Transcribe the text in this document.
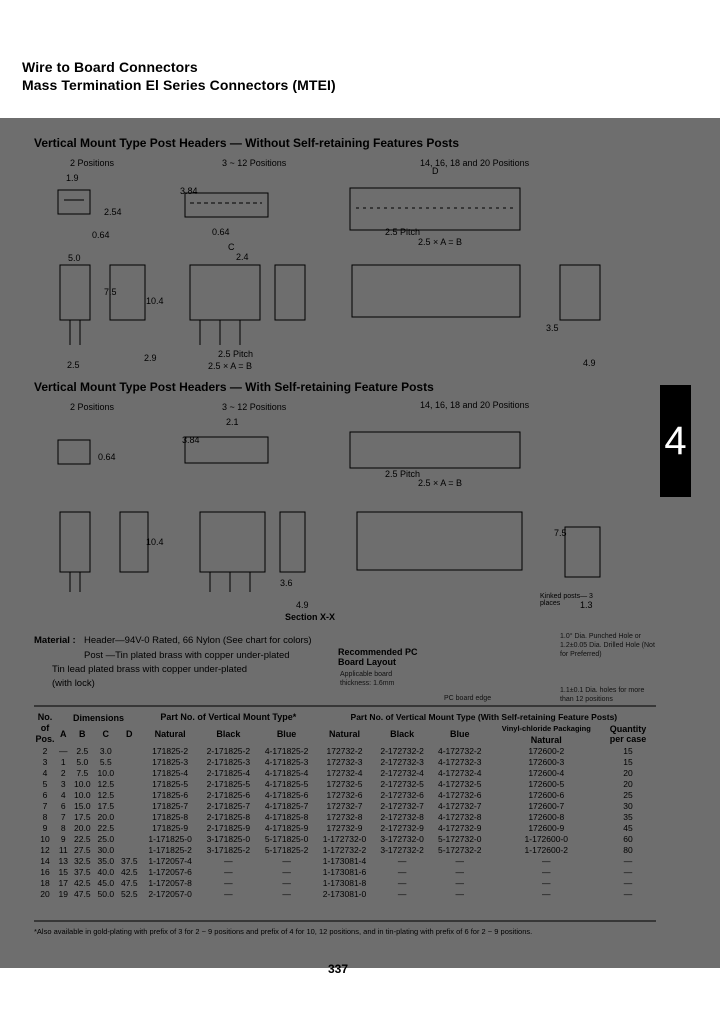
Wire to Board Connectors
Mass Termination El Series Connectors (MTEI)
Vertical Mount Type Post Headers — Without Self-retaining Features Posts
2 Positions	3 ~ 12 Positions	14, 16, 18 and 20 Positions
1.9
3.84
0.64
2.54
0.64
2.4
2.5 Pitch
2.5 × A = B
5.0
7.5
10.4
2.5
2.9
3.5
4.9
2.5 Pitch
2.5 × A = B
C
D
Vertical Mount Type Post Headers — With Self-retaining Feature Posts
2 Positions	3 ~ 12 Positions	14, 16, 18 and 20 Positions
2.1
3.84
0.64
2.5 Pitch
2.5 × A = B
7.5
10.4
3.6
4.9	1.3
Section X-X
Kinked posts— 3 places
4
Material : Header—94V-0 Rated, 66 Nylon (See chart for colors)
Post —Tin plated brass with copper under-plated
Tin lead plated brass with copper under-plated
(with lock)
Recommended PC Board Layout
Applicable board thickness: 1.6mm
PC board edge
1.0° Dia. Punched Hole or 1.2±0.05 Dia. Drilled Hole (Not for Preferred)
1.1±0.1 Dia. holes for more than 12 positions
No. of Pos.	Dimensions				Part No. of Vertical Mount Type*			Part No. of Vertical Mount Type (With Self-retaining Feature Posts)				
	A	B	C	D	Natural	Black	Blue	Natural	Black	Blue	Vinyl-chloride Packaging	Quantity per case
											Natural	
2	—	2.5	3.0		171825-2	2-171825-2	4-171825-2	172732-2	2-172732-2	4-172732-2	172600-2	15
3	1	5.0	5.5		171825-3	2-171825-3	4-171825-3	172732-3	2-172732-3	4-172732-3	172600-3	15
4	2	7.5	10.0		171825-4	2-171825-4	4-171825-4	172732-4	2-172732-4	4-172732-4	172600-4	20
5	3	10.0	12.5		171825-5	2-171825-5	4-171825-5	172732-5	2-172732-5	4-172732-5	172600-5	20
6	4	10.0	12.5		171825-6	2-171825-6	4-171825-6	172732-6	2-172732-6	4-172732-6	172600-6	25
7	6	15.0	17.5		171825-7	2-171825-7	4-171825-7	172732-7	2-172732-7	4-172732-7	172600-7	30
8	7	17.5	20.0		171825-8	2-171825-8	4-171825-8	172732-8	2-172732-8	4-172732-8	172600-8	35
9	8	20.0	22.5		171825-9	2-171825-9	4-171825-9	172732-9	2-172732-9	4-172732-9	172600-9	45
10	9	22.5	25.0		1-171825-0	3-171825-0	5-171825-0	1-172732-0	3-172732-0	5-172732-0	1-172600-0	60
12	11	27.5	30.0		1-171825-2	3-171825-2	5-171825-2	1-172732-2	3-172732-2	5-172732-2	1-172600-2	80
14	13	32.5	35.0	37.5	1-172057-4	—	—	1-173081-4	—	—	—	—
16	15	37.5	40.0	42.5	1-172057-6	—	—	1-173081-6	—	—	—	—
18	17	42.5	45.0	47.5	1-172057-8	—	—	1-173081-8	—	—	—	—
20	19	47.5	50.0	52.5	2-172057-0	—	—	2-173081-0	—	—	—	—
*Also available in gold-plating with prefix of 3 for 2 ~ 9 positions and prefix of 4 for 10, 12 positions, and in tin-plating with prefix of 6 for 2 ~ 9 positions.
337
